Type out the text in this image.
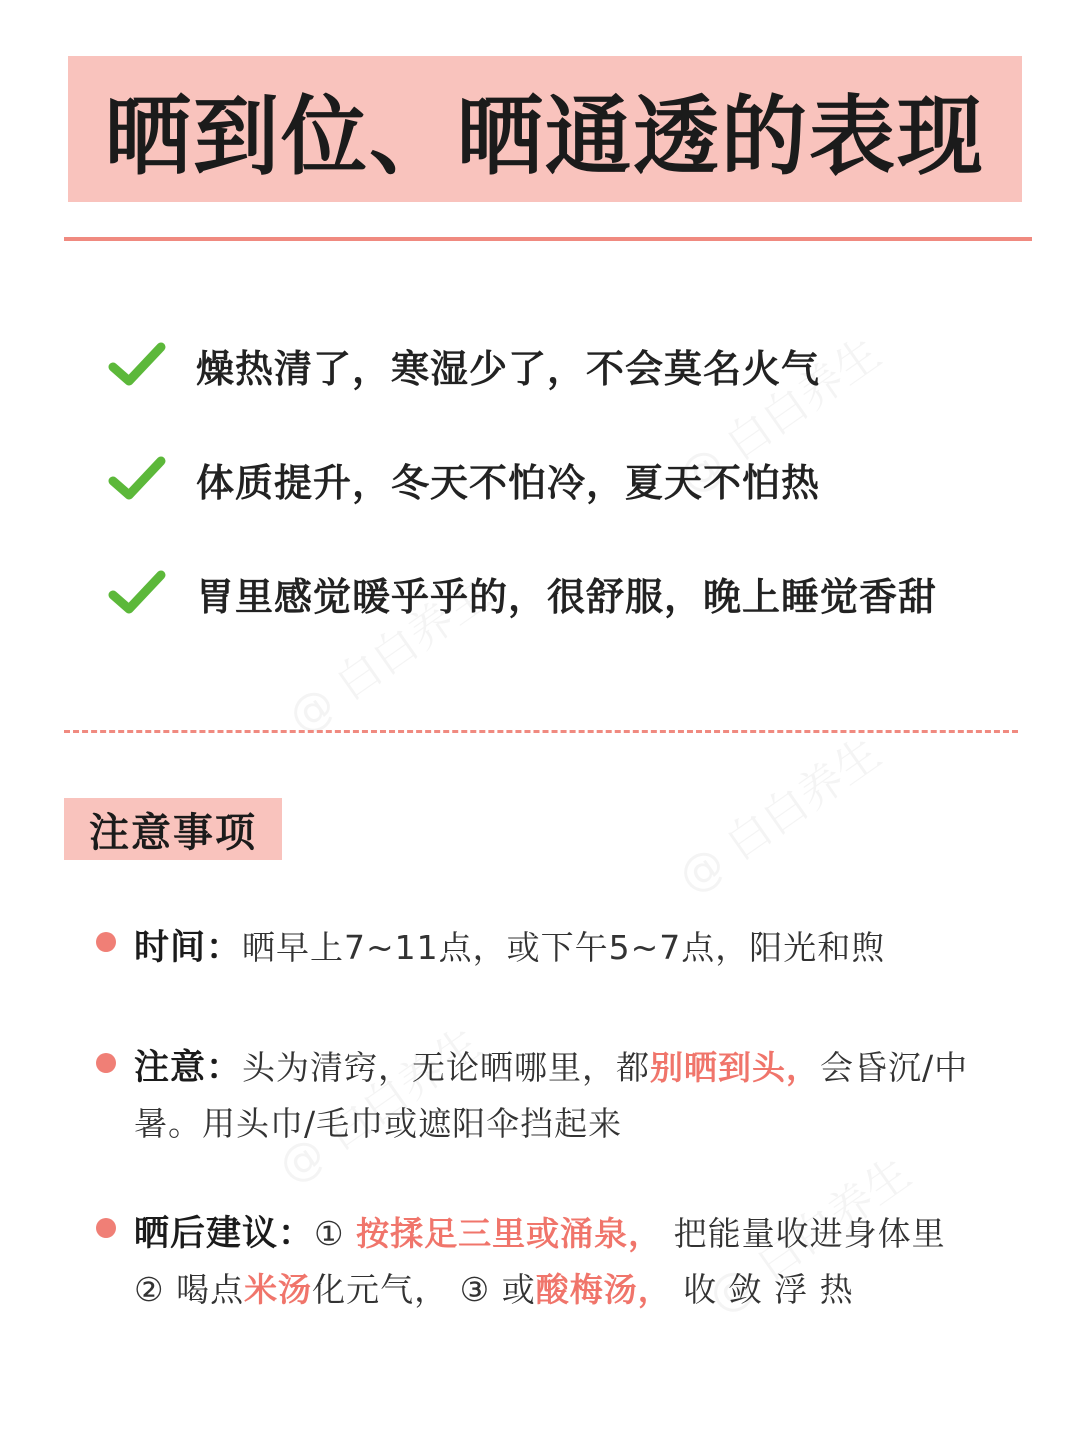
晒到位、晒通透的表现
燥热清了，寒湿少了，不会莫名火气
体质提升，冬天不怕冷，夏天不怕热
胃里感觉暖乎乎的，很舒服，晚上睡觉香甜
注意事项
时间：晒早上7~11点，或下午5~7点，阳光和煦
注意：头为清窍，无论晒哪里，都别晒到头，会昏沉/中
暑。用头巾/毛巾或遮阳伞挡起来
晒后建议：① 按揉足三里或涌泉， 把能量收进身体里
② 喝点米汤化元气， ③ 或酸梅汤， 收 敛 浮 热
